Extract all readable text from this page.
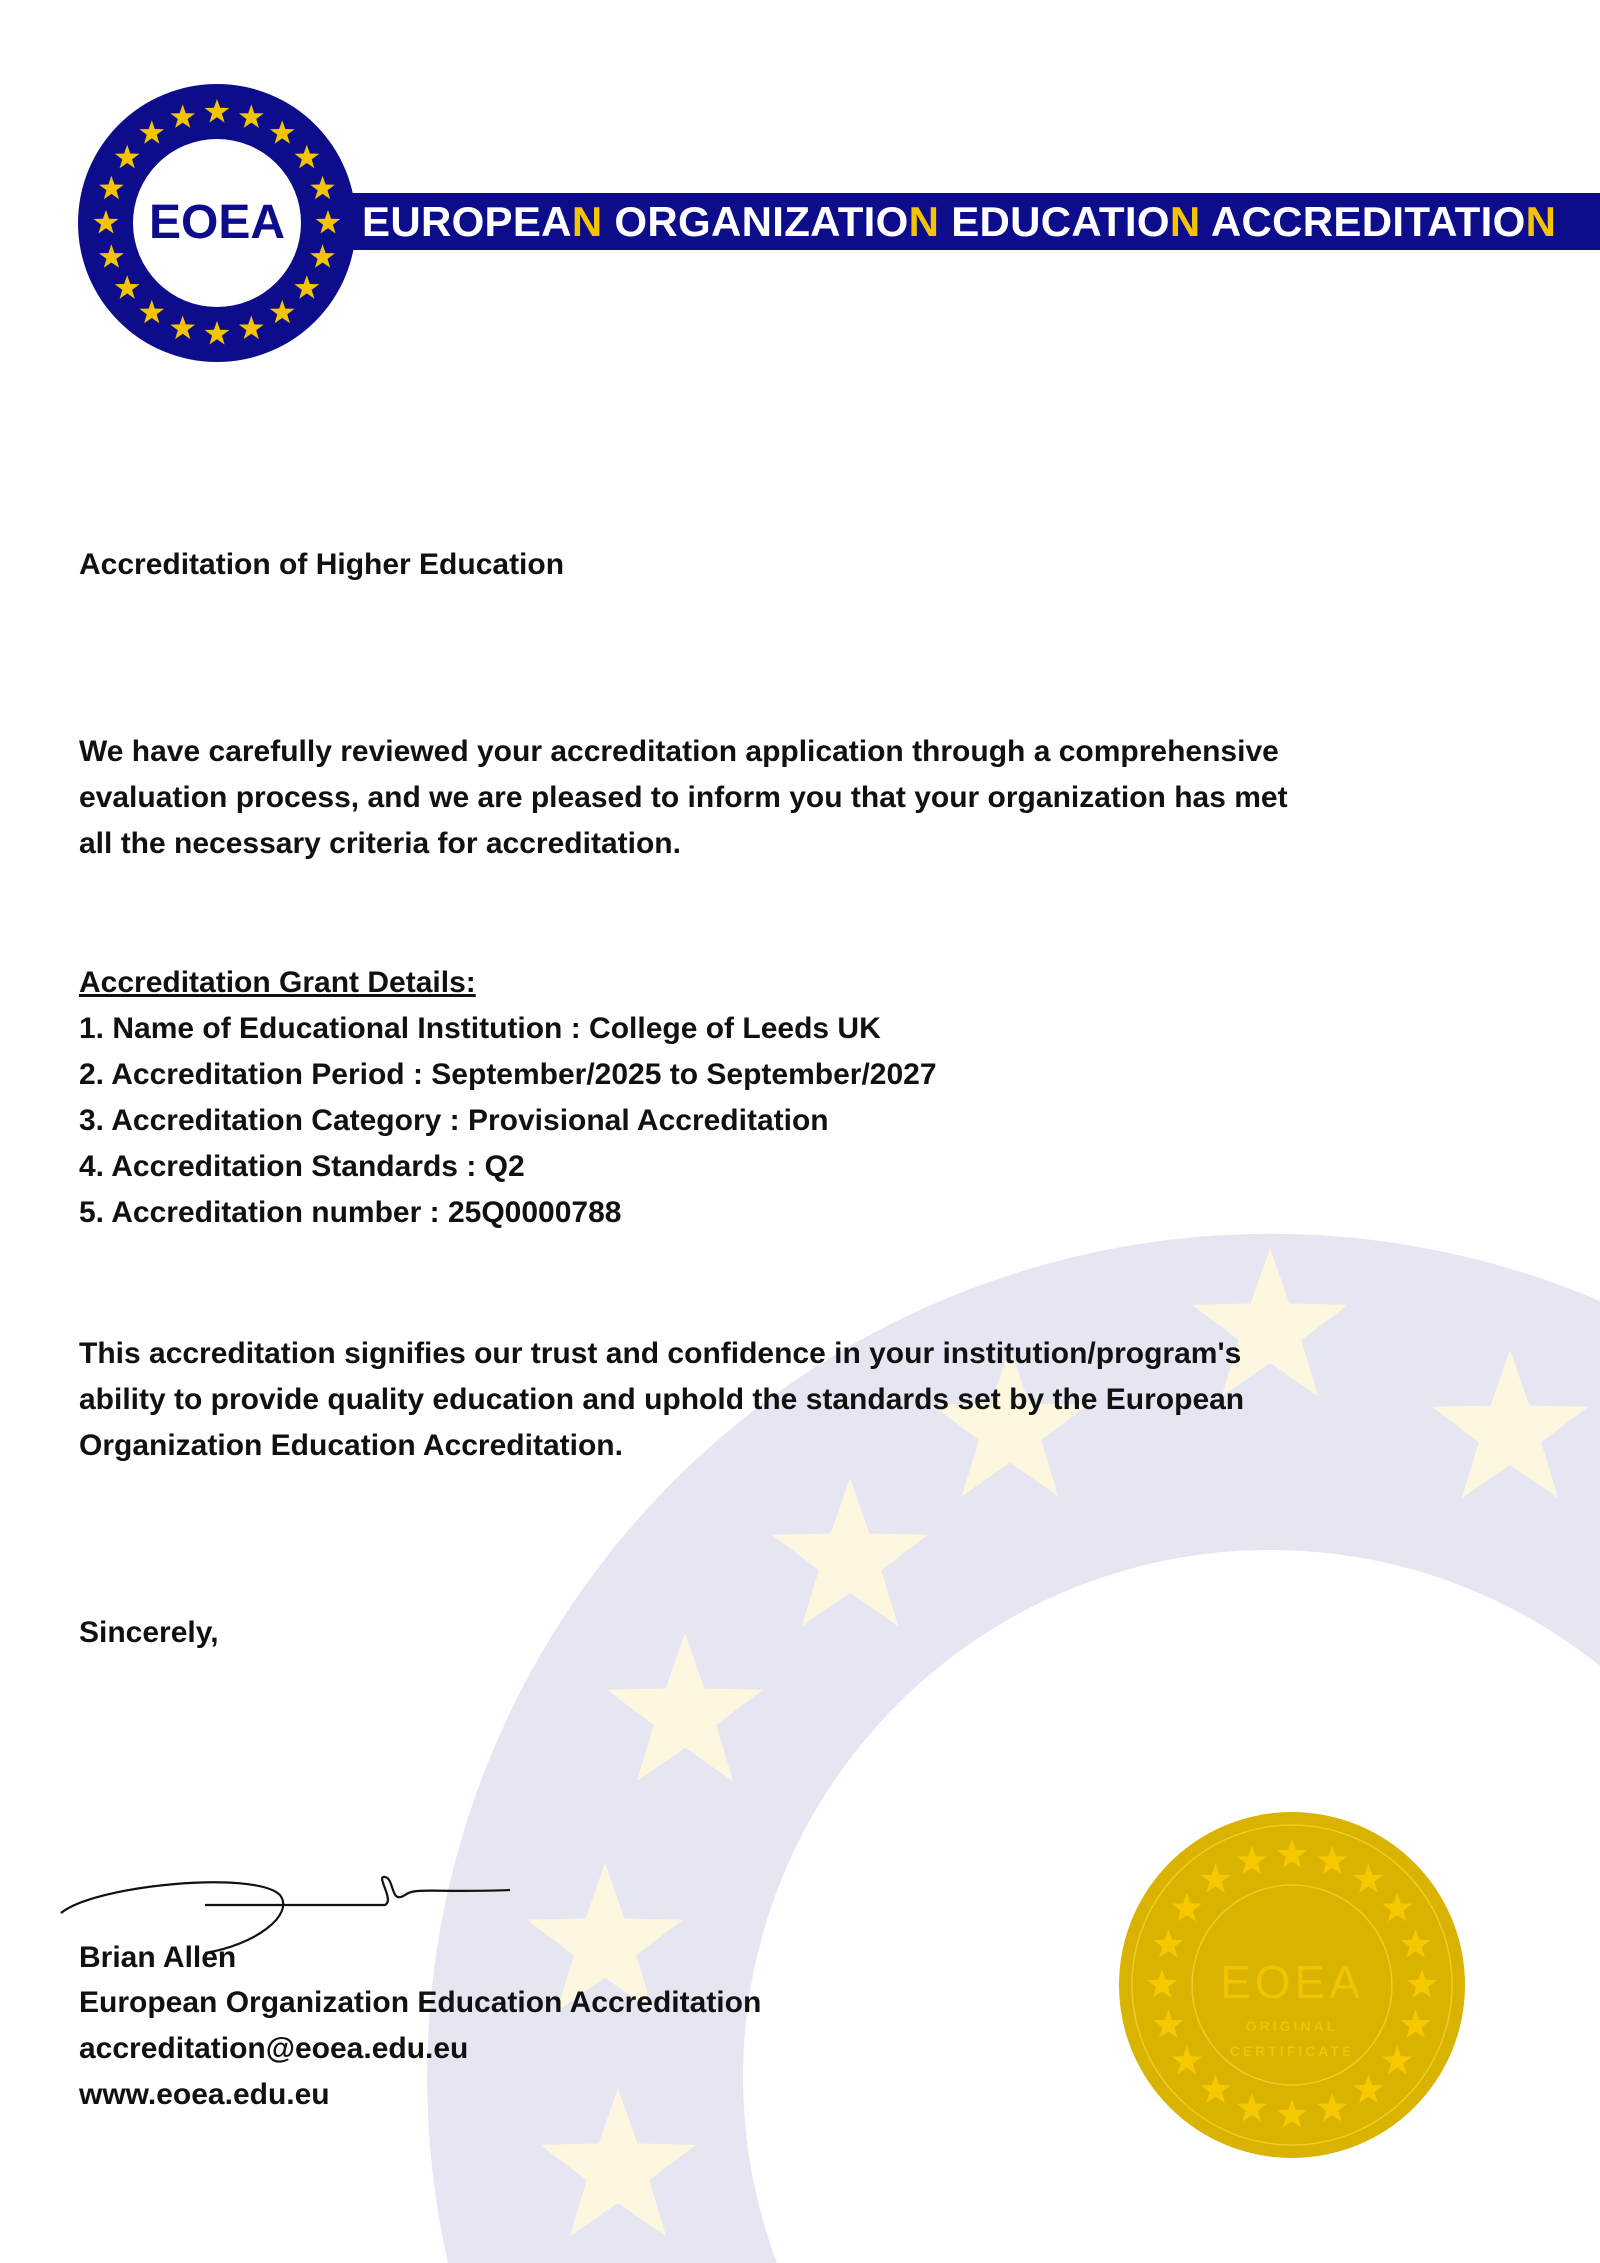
EOEA	EUROPEAN ORGANIZATION EDUCATION ACCREDITATION
Accreditation of Higher Education
We have carefully reviewed your accreditation application through a comprehensive
evaluation process, and we are pleased to inform you that your organization has met
all the necessary criteria for accreditation.
Accreditation Grant Details:
1. Name of Educational Institution : College of Leeds UK
2. Accreditation Period : September/2025 to September/2027
3. Accreditation Category : Provisional Accreditation
4. Accreditation Standards : Q2
5. Accreditation number : 25Q0000788
This accreditation signifies our trust and confidence in your institution/program's
ability to provide quality education and uphold the standards set by the European
Organization Education Accreditation.
Sincerely,
Brian Allen
European Organization Education Accreditation
accreditation@eoea.edu.eu
www.eoea.edu.eu
EOEA
ORIGINAL
CERTIFICATE
